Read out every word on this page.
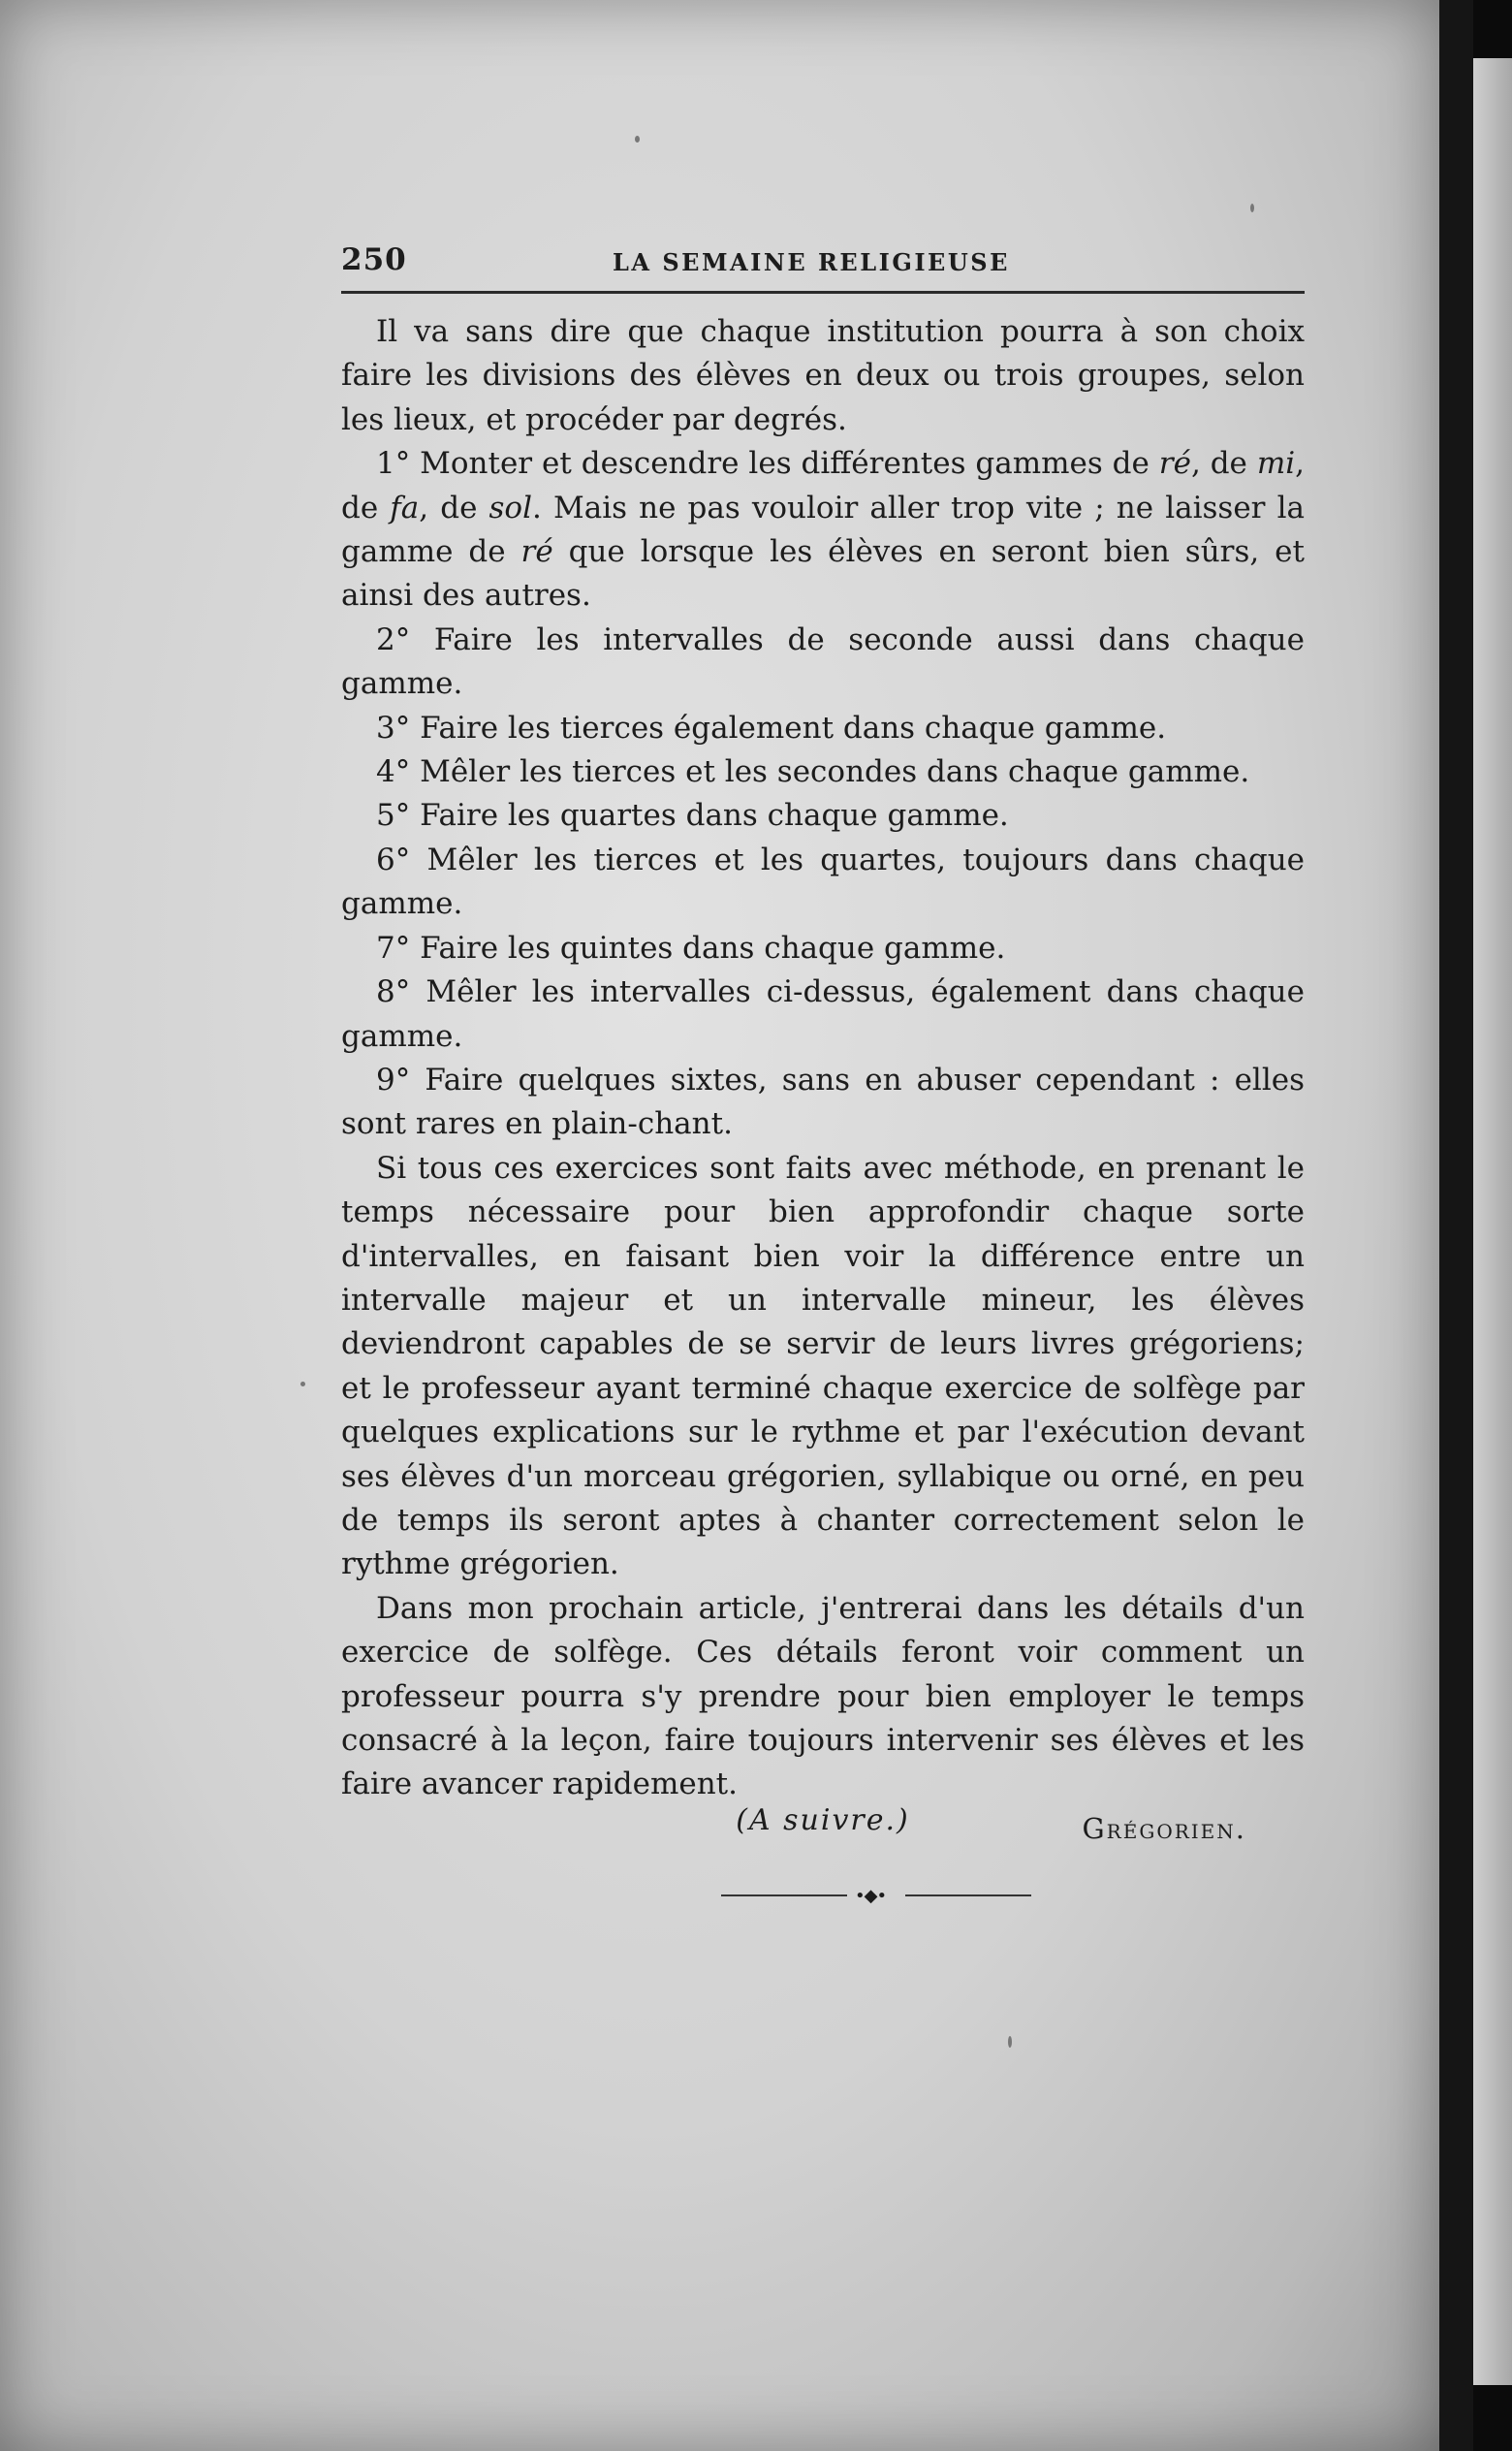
250	LA SEMAINE RELIGIEUSE

Il va sans dire que chaque institution pourra à son choix faire les divisions des élèves en deux ou trois groupes, selon les lieux, et procéder par degrés.

1° Monter et descendre les différentes gammes de ré, de mi, de fa, de sol. Mais ne pas vouloir aller trop vite ; ne laisser la gamme de ré que lorsque les élèves en seront bien sûrs, et ainsi des autres.

2° Faire les intervalles de seconde aussi dans chaque gamme.

3° Faire les tierces également dans chaque gamme.

4° Mêler les tierces et les secondes dans chaque gamme.

5° Faire les quartes dans chaque gamme.

6° Mêler les tierces et les quartes, toujours dans chaque gamme.

7° Faire les quintes dans chaque gamme.

8° Mêler les intervalles ci-dessus, également dans chaque gamme.

9° Faire quelques sixtes, sans en abuser cependant : elles sont rares en plain-chant.

Si tous ces exercices sont faits avec méthode, en prenant le temps nécessaire pour bien approfondir chaque sorte d'intervalles, en faisant bien voir la différence entre un intervalle majeur et un intervalle mineur, les élèves deviendront capables de se servir de leurs livres grégoriens; et le professeur ayant terminé chaque exercice de solfège par quelques explications sur le rythme et par l'exécution devant ses élèves d'un morceau grégorien, syllabique ou orné, en peu de temps ils seront aptes à chanter correctement selon le rythme grégorien.

Dans mon prochain article, j'entrerai dans les détails d'un exercice de solfège. Ces détails feront voir comment un professeur pourra s'y prendre pour bien employer le temps consacré à la leçon, faire toujours intervenir ses élèves et les faire avancer rapidement.

Grégorien.

(A suivre.)
•◆•
